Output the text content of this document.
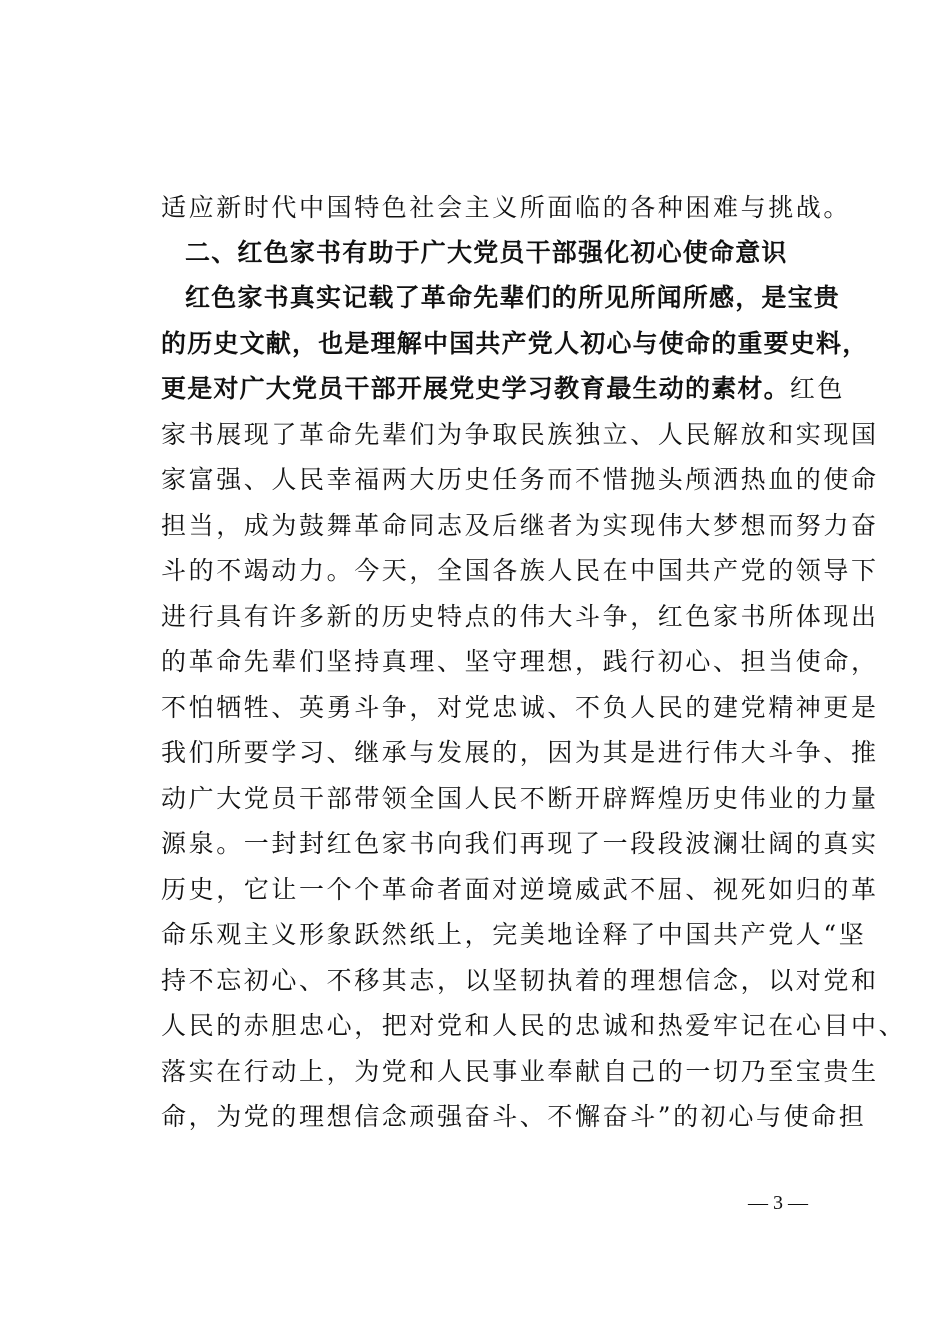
适应新时代中国特色社会主义所面临的各种困难与挑战。
二、红色家书有助于广大党员干部强化初心使命意识
红色家书真实记载了革命先辈们的所见所闻所感，是宝贵
的历史文献，也是理解中国共产党人初心与使命的重要史料，
更是对广大党员干部开展党史学习教育最生动的素材。红色
家书展现了革命先辈们为争取民族独立、人民解放和实现国
家富强、人民幸福两大历史任务而不惜抛头颅洒热血的使命
担当，成为鼓舞革命同志及后继者为实现伟大梦想而努力奋
斗的不竭动力。今天，全国各族人民在中国共产党的领导下
进行具有许多新的历史特点的伟大斗争，红色家书所体现出
的革命先辈们坚持真理、坚守理想，践行初心、担当使命，
不怕牺牲、英勇斗争，对党忠诚、不负人民的建党精神更是
我们所要学习、继承与发展的，因为其是进行伟大斗争、推
动广大党员干部带领全国人民不断开辟辉煌历史伟业的力量
源泉。一封封红色家书向我们再现了一段段波澜壮阔的真实
历史，它让一个个革命者面对逆境威武不屈、视死如归的革
命乐观主义形象跃然纸上，完美地诠释了中国共产党人“坚
持不忘初心、不移其志，以坚韧执着的理想信念，以对党和
人民的赤胆忠心，把对党和人民的忠诚和热爱牢记在心目中、
落实在行动上，为党和人民事业奉献自己的一切乃至宝贵生
命，为党的理想信念顽强奋斗、不懈奋斗”的初心与使命担
— 3 —
